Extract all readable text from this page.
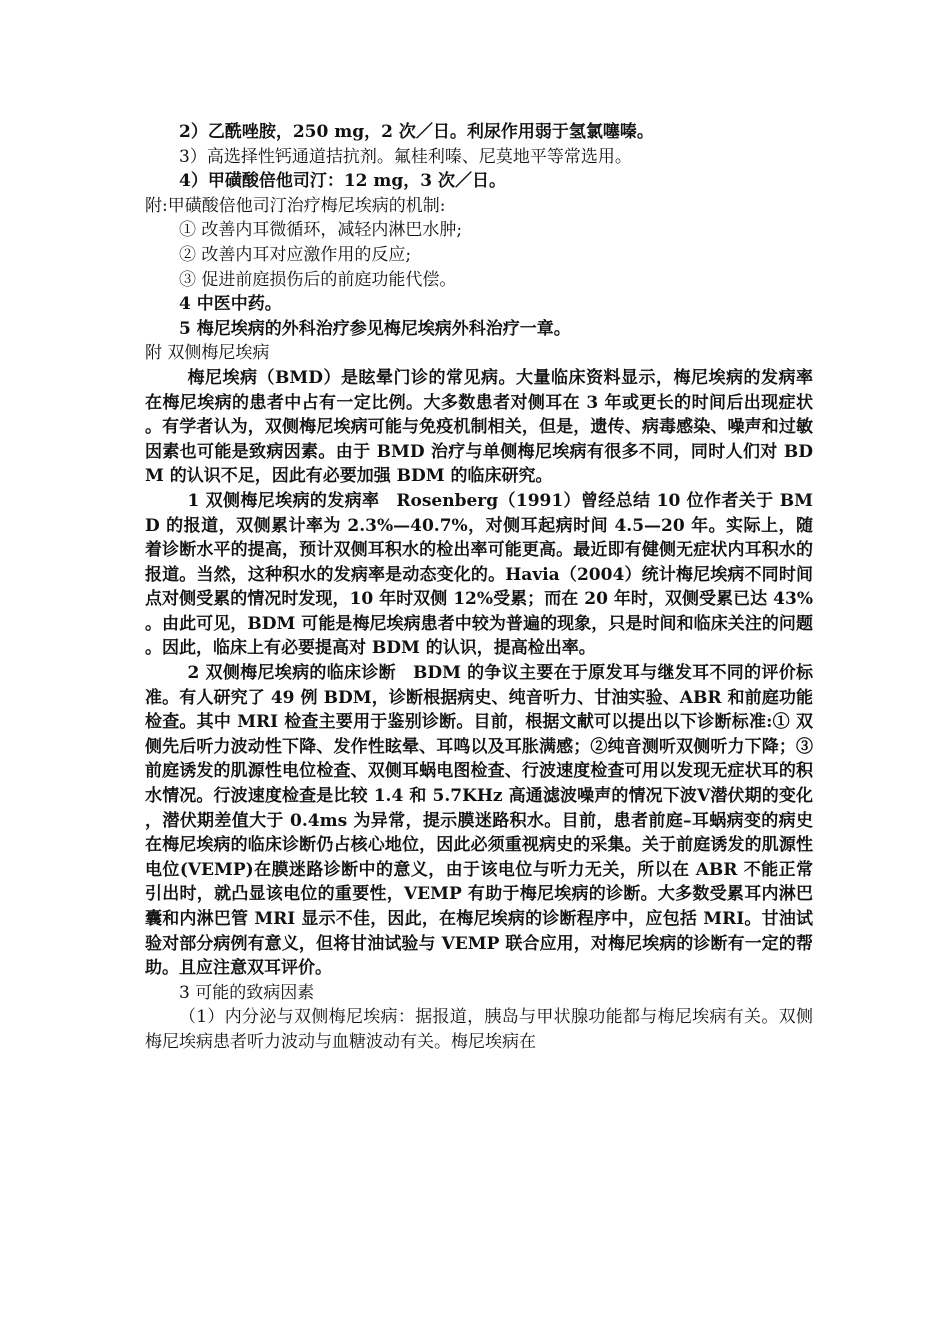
2）乙酰唑胺，250 mg，2 次／日。利尿作用弱于氢氯噻嗪。

3）高选择性钙通道拮抗剂。氟桂利嗪、尼莫地平等常选用。

4）甲磺酸倍他司汀：12 mg，3 次／日。

附:甲磺酸倍他司汀治疗梅尼埃病的机制:

① 改善内耳微循环，减轻内淋巴水肿;

② 改善内耳对应激作用的反应;

③ 促进前庭损伤后的前庭功能代偿。

4 中医中药。

5 梅尼埃病的外科治疗参见梅尼埃病外科治疗一章。

附 双侧梅尼埃病

梅尼埃病（BMD）是眩晕门诊的常见病。大量临床资料显示，梅尼埃病的发病率在梅尼埃病的患者中占有一定比例。大多数患者对侧耳在 3 年或更长的时间后出现症状。有学者认为，双侧梅尼埃病可能与免疫机制相关，但是，遗传、病毒感染、噪声和过敏因素也可能是致病因素。由于 BMD 治疗与单侧梅尼埃病有很多不同，同时人们对 BDM 的认识不足，因此有必要加强 BDM 的临床研究。

1 双侧梅尼埃病的发病率  Rosenberg（1991）曾经总结 10 位作者关于 BMD 的报道，双侧累计率为 2.3%—40.7%，对侧耳起病时间 4.5—20 年。实际上，随着诊断水平的提高，预计双侧耳积水的检出率可能更高。最近即有健侧无症状内耳积水的报道。当然，这种积水的发病率是动态变化的。Havia（2004）统计梅尼埃病不同时间点对侧受累的情况时发现，10 年时双侧 12%受累；而在 20 年时，双侧受累已达 43%。由此可见，BDM 可能是梅尼埃病患者中较为普遍的现象，只是时间和临床关注的问题。因此，临床上有必要提高对 BDM 的认识，提高检出率。

2 双侧梅尼埃病的临床诊断  BDM 的争议主要在于原发耳与继发耳不同的评价标准。有人研究了 49 例 BDM，诊断根据病史、纯音听力、甘油实验、ABR 和前庭功能检查。其中 MRI 检查主要用于鉴别诊断。目前，根据文献可以提出以下诊断标准:① 双侧先后听力波动性下降、发作性眩晕、耳鸣以及耳胀满感；②纯音测听双侧听力下降；③前庭诱发的肌源性电位检查、双侧耳蜗电图检查、行波速度检查可用以发现无症状耳的积水情况。行波速度检查是比较 1.4 和 5.7KHz 高通滤波噪声的情况下波Ⅴ潜伏期的变化，潜伏期差值大于 0.4ms 为异常，提示膜迷路积水。目前，患者前庭–耳蜗病变的病史在梅尼埃病的临床诊断仍占核心地位，因此必须重视病史的采集。关于前庭诱发的肌源性电位(VEMP)在膜迷路诊断中的意义，由于该电位与听力无关，所以在 ABR 不能正常引出时，就凸显该电位的重要性，VEMP 有助于梅尼埃病的诊断。大多数受累耳内淋巴囊和内淋巴管 MRI 显示不佳，因此，在梅尼埃病的诊断程序中，应包括 MRI。甘油试验对部分病例有意义，但将甘油试验与 VEMP 联合应用，对梅尼埃病的诊断有一定的帮助。且应注意双耳评价。

3 可能的致病因素

（1）内分泌与双侧梅尼埃病：据报道，胰岛与甲状腺功能都与梅尼埃病有关。双侧梅尼埃病患者听力波动与血糖波动有关。梅尼埃病在
